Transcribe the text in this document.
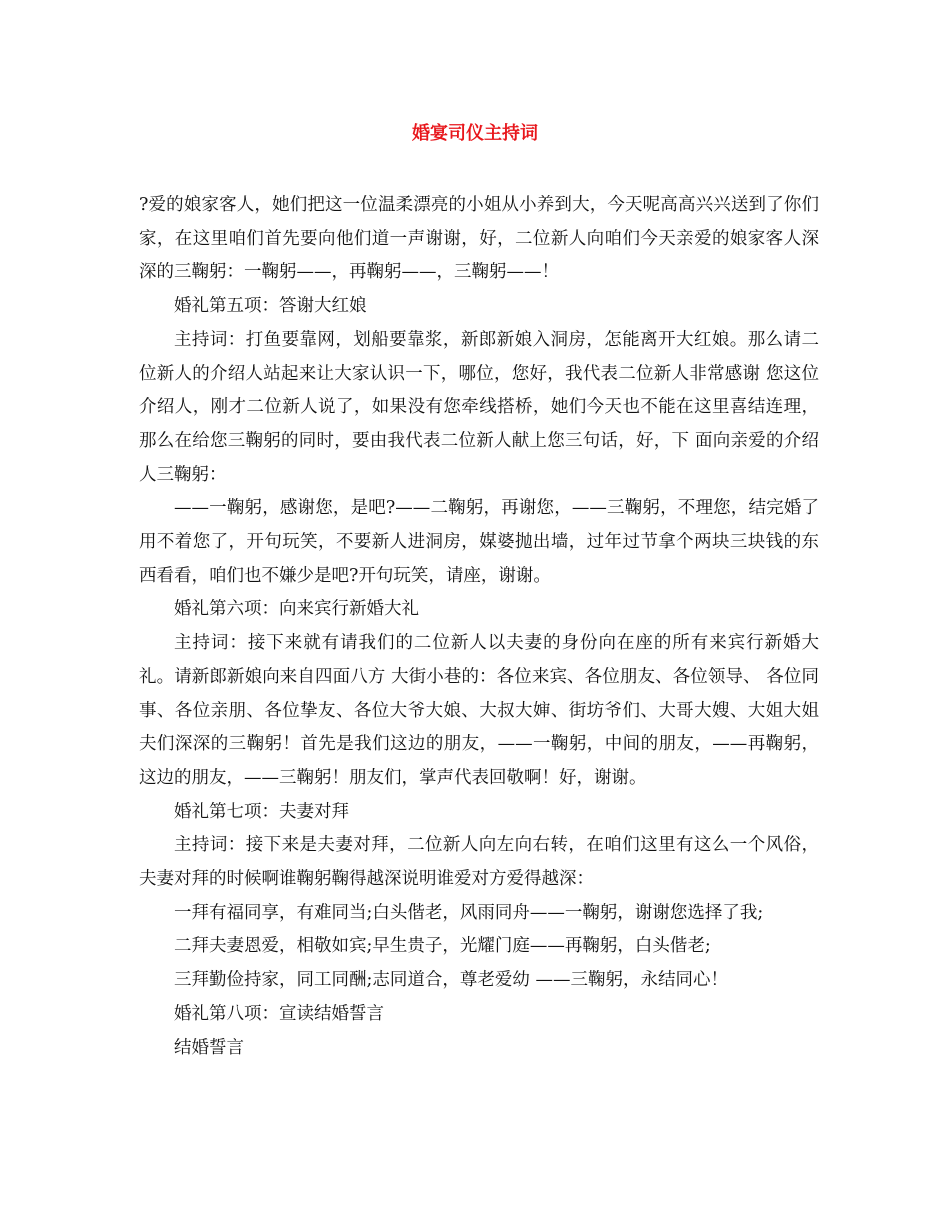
婚宴司仪主持词

?爱的娘家客人，她们把这一位温柔漂亮的小姐从小养到大，今天呢高高兴兴送到了你们家，在这里咱们首先要向他们道一声谢谢，好，二位新人向咱们今天亲爱的娘家客人深深的三鞠躬：一鞠躬——，再鞠躬——，三鞠躬——！

婚礼第五项：答谢大红娘

主持词：打鱼要靠网，划船要靠浆，新郎新娘入洞房，怎能离开大红娘。那么请二位新人的介绍人站起来让大家认识一下，哪位，您好，我代表二位新人非常感谢 您这位介绍人，刚才二位新人说了，如果没有您牵线搭桥，她们今天也不能在这里喜结连理，那么在给您三鞠躬的同时，要由我代表二位新人献上您三句话，好，下 面向亲爱的介绍人三鞠躬：

——一鞠躬，感谢您，是吧?——二鞠躬，再谢您，——三鞠躬，不理您，结完婚了用不着您了，开句玩笑，不要新人进洞房，媒婆抛出墙，过年过节拿个两块三块钱的东西看看，咱们也不嫌少是吧?开句玩笑，请座，谢谢。

婚礼第六项：向来宾行新婚大礼

主持词：接下来就有请我们的二位新人以夫妻的身份向在座的所有来宾行新婚大礼。请新郎新娘向来自四面八方 大街小巷的：各位来宾、各位朋友、各位领导、 各位同事、各位亲朋、各位挚友、各位大爷大娘、大叔大婶、街坊爷们、大哥大嫂、大姐大姐夫们深深的三鞠躬！首先是我们这边的朋友，——一鞠躬，中间的朋友，——再鞠躬，这边的朋友，——三鞠躬！朋友们，掌声代表回敬啊！好，谢谢。

婚礼第七项：夫妻对拜

主持词：接下来是夫妻对拜，二位新人向左向右转，在咱们这里有这么一个风俗，夫妻对拜的时候啊谁鞠躬鞠得越深说明谁爱对方爱得越深：

一拜有福同享，有难同当;白头偕老，风雨同舟——一鞠躬，谢谢您选择了我;

二拜夫妻恩爱，相敬如宾;早生贵子，光耀门庭——再鞠躬，白头偕老;

三拜勤俭持家，同工同酬;志同道合，尊老爱幼 ——三鞠躬，永结同心！

婚礼第八项：宣读结婚誓言

结婚誓言
